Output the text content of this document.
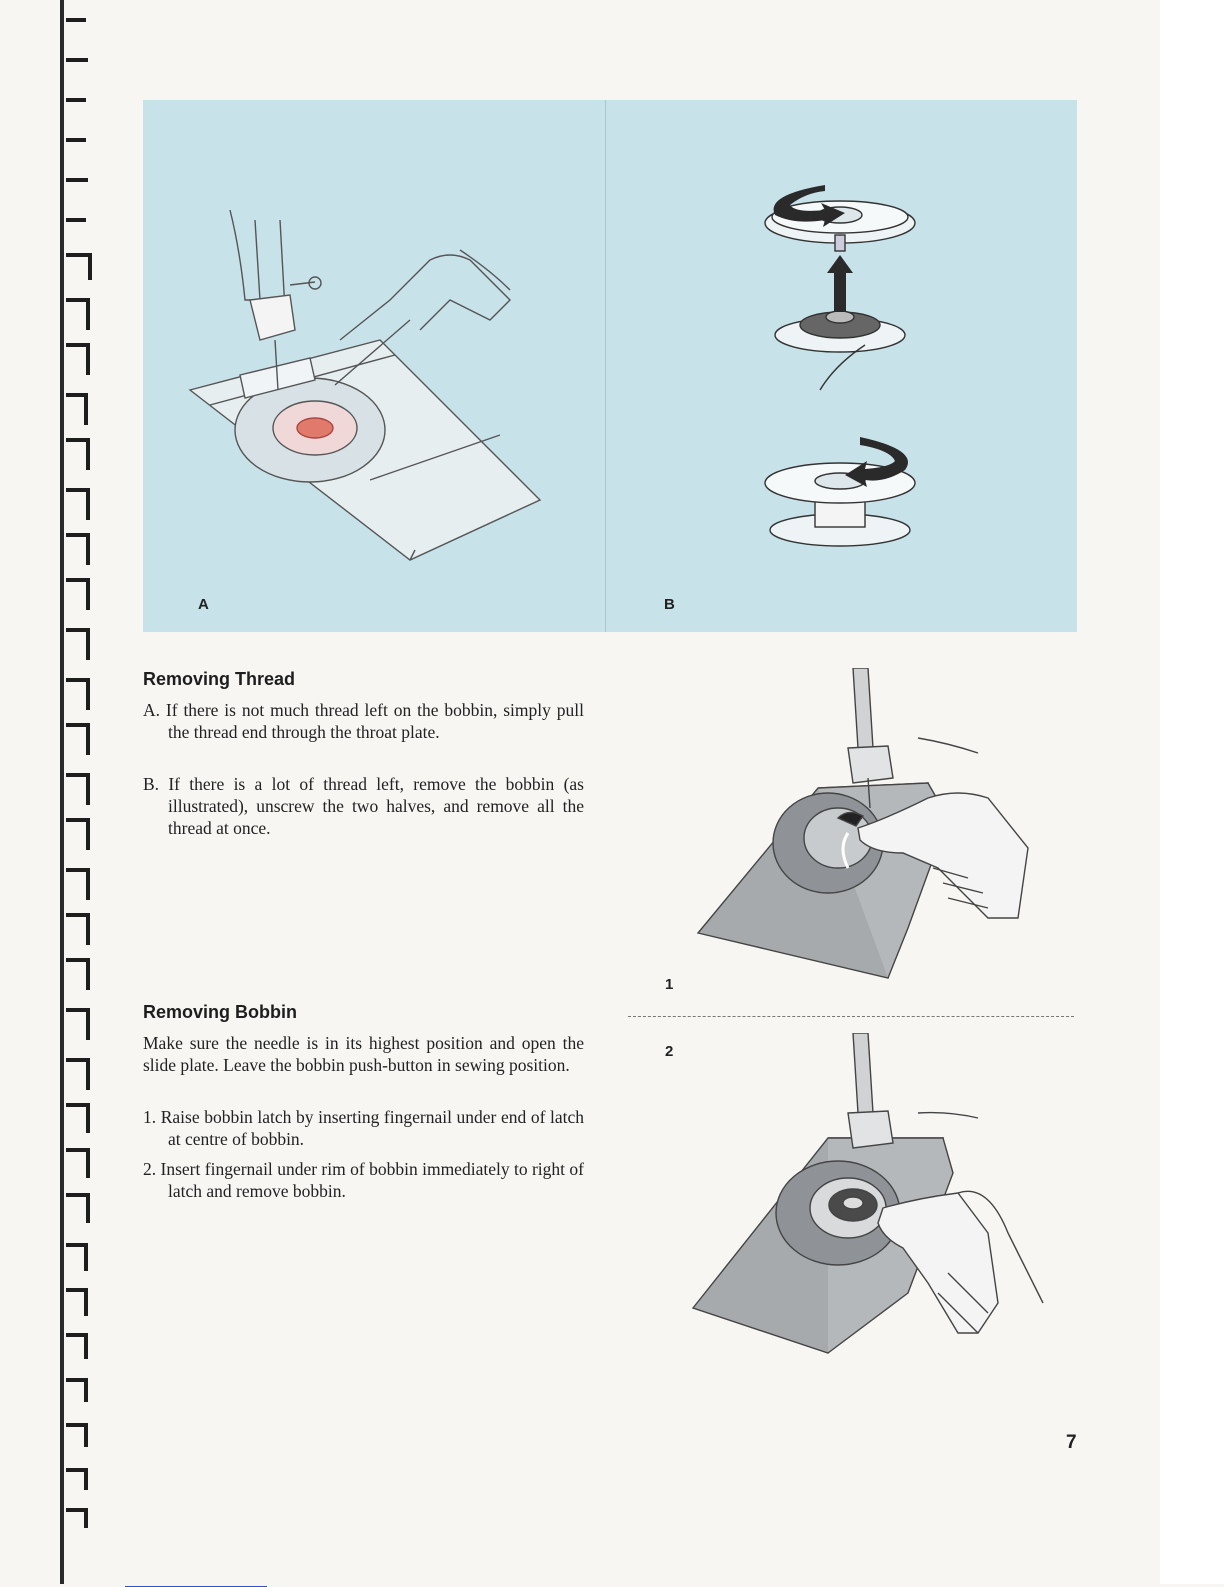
A	B
Removing Thread
A. If there is not much thread left on the bobbin, simply pull the thread end through the throat plate.
B. If there is a lot of thread left, remove the bobbin (as illustrated), unscrew the two halves, and remove all the thread at once.
Removing Bobbin
Make sure the needle is in its highest position and open the slide plate. Leave the bobbin push-button in sewing position.
1. Raise bobbin latch by inserting fingernail under end of latch at centre of bobbin.
2. Insert fingernail under rim of bobbin immediately to right of latch and remove bobbin.
1
2
7
